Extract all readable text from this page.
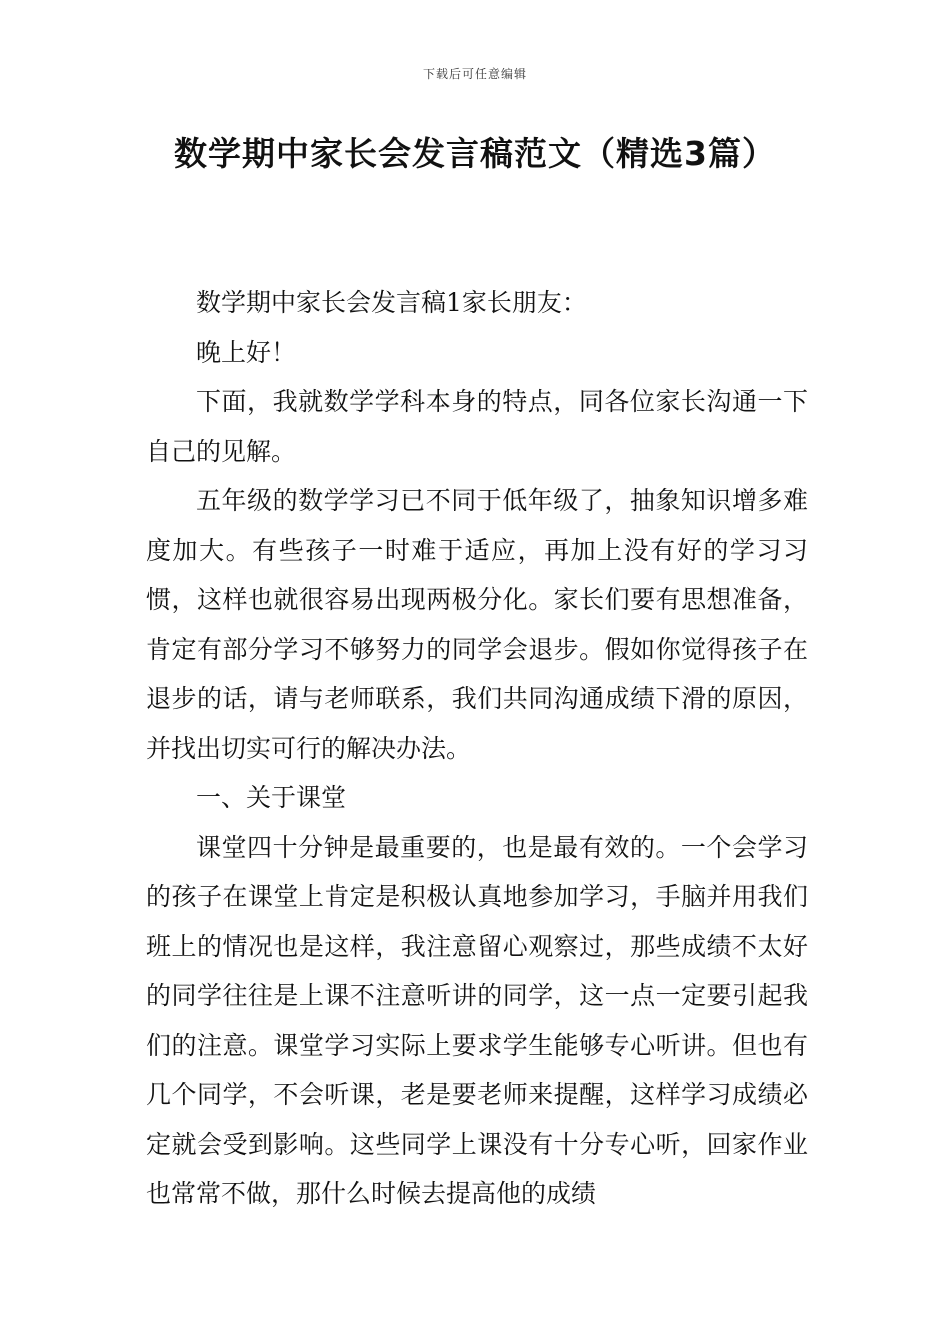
下载后可任意编辑
数学期中家长会发言稿范文（精选3篇）

数学期中家长会发言稿1家长朋友：

晚上好！

下面，我就数学学科本身的特点，同各位家长沟通一下自己的见解。

五年级的数学学习已不同于低年级了，抽象知识增多难度加大。有些孩子一时难于适应，再加上没有好的学习习惯，这样也就很容易出现两极分化。家长们要有思想准备，肯定有部分学习不够努力的同学会退步。假如你觉得孩子在退步的话，请与老师联系，我们共同沟通成绩下滑的原因，并找出切实可行的解决办法。

一、关于课堂

课堂四十分钟是最重要的，也是最有效的。一个会学习的孩子在课堂上肯定是积极认真地参加学习，手脑并用我们班上的情况也是这样，我注意留心观察过，那些成绩不太好的同学往往是上课不注意听讲的同学，这一点一定要引起我们的注意。课堂学习实际上要求学生能够专心听讲。但也有几个同学，不会听课，老是要老师来提醒，这样学习成绩必定就会受到影响。这些同学上课没有十分专心听，回家作业也常常不做，那什么时候去提高他的成绩
